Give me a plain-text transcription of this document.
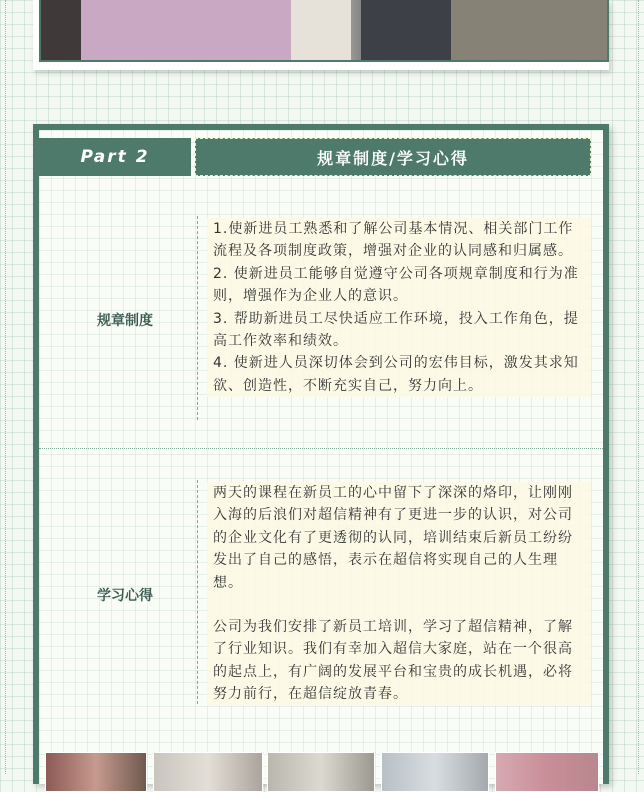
Part 2	规章制度/学习心得
规章制度

1.使新进员工熟悉和了解公司基本情况、相关部门工作流程及各项制度政策，增强对企业的认同感和归属感。

2. 使新进员工能够自觉遵守公司各项规章制度和行为准则，增强作为企业人的意识。

3. 帮助新进员工尽快适应工作环境，投入工作角色，提高工作效率和绩效。

4. 使新进人员深切体会到公司的宏伟目标，激发其求知欲、创造性，不断充实自己，努力向上。

学习心得

两天的课程在新员工的心中留下了深深的烙印，让刚刚入海的后浪们对超信精神有了更进一步的认识，对公司的企业文化有了更透彻的认同，培训结束后新员工纷纷发出了自己的感悟，表示在超信将实现自己的人生理想。

公司为我们安排了新员工培训，学习了超信精神，了解了行业知识。我们有幸加入超信大家庭，站在一个很高的起点上，有广阔的发展平台和宝贵的成长机遇，必将努力前行，在超信绽放青春。
